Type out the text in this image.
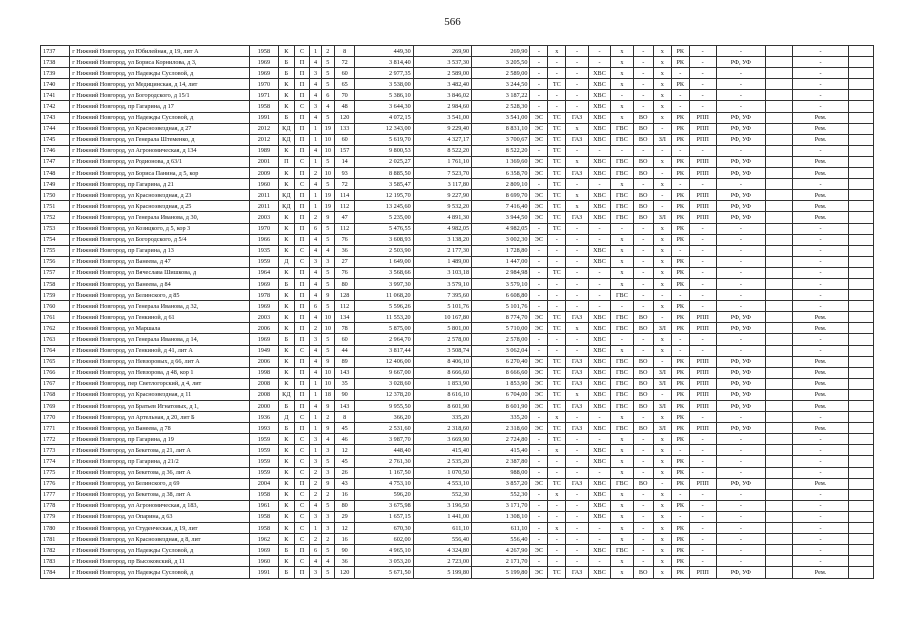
566
1737	г Нижний Новгород, ул Юбилейная, д 19, лит А	1958	К	С	1	2	8	449,30	269,90	269,90	-	х	-	-	х	-	х	РК	-	-		-	
1738	г Нижний Новгород, ул Бориса Корнилова, д 3,	1969	Б	П	4	5	72	3 814,40	3 537,30	3 205,50	-	-	-	-	х	-	х	РК	-	РФ, УФ		-	
1739	г Нижний Новгород, ул Надежды Сусловой, д	1969	Б	П	3	5	60	2 977,35	2 589,00	2 589,00	-	-	-	ХВС	х	-	х	-	-	-		-	
1740	г Нижний Новгород, ул Медицинская, д 14, лит	1970	К	П	4	5	65	3 538,00	3 482,40	3 244,50	-	ТС	-	ХВС	х	-	х	РК	-	-		-	
1741	г Нижний Новгород, ул Богородского, д 15/1	1971	К	П	4	6	70	5 386,10	3 846,02	3 187,22	-	-	-	ХВС	-	-	х	-	-	-		-	
1742	г Нижний Новгород, пр Гагарина, д 17	1958	К	С	3	4	48	3 644,30	2 984,60	2 528,30	-	-	-	ХВС	х	-	х	-	-	-		-	
1743	г Нижний Новгород, ул Надежды Сусловой, д	1991	Б	П	4	5	120	4 072,15	3 541,00	3 541,00	ЭС	ТС	ГАЗ	ХВС	х	ВО	х	РК	РПП	РФ, УФ		Рем.	
1744	г Нижний Новгород, ул Красноэвездная, д 27	2012	КД	П	1	19	133	12 343,00	9 229,40	8 831,10	ЭС	ТС	х	ХВС	ГВС	ВО	-	РК	РПП	РФ, УФ		Рем.	
1745	г Нижний Новгород, ул Генерала Штеменко, д	2012	КД	П	1	10	60	5 619,70	4 327,17	3 700,67	ЭС	ТС	ГАЗ	ХВС	ГВС	ВО	ЗЛ	РК	РПП	РФ, УФ		Рем.	
1746	г Нижний Новгород, ул Агрономическая, д 134	1989	К	П	4	10	157	9 800,53	8 522,20	8 522,20	-	ТС	-	-	-	-	-	-	-	-		-	
1747	г Нижний Новгород, ул Родионова, д 63/1	2001	П	С	1	5	14	2 025,27	1 761,10	1 369,60	ЭС	ТС	х	ХВС	ГВС	ВО	х	РК	РПП	РФ, УФ		Рем.	
1748	г Нижний Новгород, ул Бориса Панина, д 5, кор	2009	К	П	2	10	93	8 885,50	7 523,70	6 358,70	ЭС	ТС	ГАЗ	ХВС	ГВС	ВО	-	РК	РПП	РФ, УФ		Рем.	
1749	г Нижний Новгород, пр Гагарина, д 21	1960	К	С	4	5	72	3 585,47	3 117,80	2 809,10	-	ТС	-	-	х	-	х	-	-	-		-	
1750	г Нижний Новгород, ул Красноэвездная, д 23	2011	КД	П	1	19	114	12 195,70	9 227,90	8 699,70	ЭС	ТС	х	ХВС	ГВС	ВО	-	РК	РПП	РФ, УФ		Рем.	
1751	г Нижний Новгород, ул Красноэвездная, д 25	2011	КД	П	1	19	112	13 245,60	9 532,20	7 416,40	ЭС	ТС	х	ХВС	ГВС	ВО	-	РК	РПП	РФ, УФ		Рем.	
1752	г Нижний Новгород, ул Генерала Иванова, д 30,	2003	К	П	2	9	47	5 235,00	4 891,30	3 944,50	ЭС	ТС	ГАЗ	ХВС	ГВС	ВО	ЗЛ	РК	РПП	РФ, УФ		Рем.	
1753	г Нижний Новгород, ул Козицкого, д 5, кор 3	1970	К	П	6	5	112	5 476,55	4 982,05	4 982,05	-	ТС	-	-	-	-	х	РК	-	-		-	
1754	г Нижний Новгород, ул Богородского, д 5/4	1966	К	П	4	5	76	3 608,93	3 138,20	3 002,30	ЭС	-	-	-	х	-	х	РК	-	-		-	
1755	г Нижний Новгород, пр Гагарина, д 13	1935	К	С	4	4	36	2 503,90	2 177,30	1 728,80	-	-	-	ХВС	х	-	х	-	-	-		-	
1756	г Нижний Новгород, ул Ванеева, д 47	1959	Д	С	3	3	27	1 649,00	1 489,00	1 447,00	-	-	-	ХВС	х	-	х	РК	-	-		-	
1757	г Нижний Новгород, ул Вячеслава Шишкова, д	1964	К	П	4	5	76	3 568,66	3 103,18	2 984,98	-	ТС	-	-	х	-	х	РК	-	-		-	
1758	г Нижний Новгород, ул Ванеева, д 84	1969	Б	П	4	5	80	3 997,30	3 579,10	3 579,10	-	-	-	-	х	-	х	РК	-	-		-	
1759	г Нижний Новгород, ул Белинского, д 85	1978	К	П	4	9	128	11 068,20	7 395,60	6 608,80	-	-	-	-	ГВС	-	-	-	-	-		-	
1760	г Нижний Новгород, ул Генерала Иванова, д 32,	1969	К	П	6	5	112	5 596,26	5 101,76	5 101,76	-	-	-	-	-	-	х	РК	-	-		-	
1761	г Нижний Новгород, ул Генкиной, д 61	2003	К	П	4	10	134	11 553,20	10 167,80	8 774,70	ЭС	ТС	ГАЗ	ХВС	ГВС	ВО	-	РК	РПП	РФ, УФ		Рем.	
1762	г Нижний Новгород, ул Маршала	2006	К	П	2	10	78	5 875,00	5 801,00	5 710,00	ЭС	ТС	х	ХВС	ГВС	ВО	ЗЛ	РК	РПП	РФ, УФ		Рем.	
1763	г Нижний Новгород, ул Генерала Иванова, д 14,	1969	Б	П	3	5	60	2 964,70	2 578,00	2 578,00	-	-	-	ХВС	-	-	х	-	-	-		-	
1764	г Нижний Новгород, ул Генкиной, д 41, лит А	1949	К	С	4	5	44	3 817,44	3 508,74	3 062,04	-	-	-	ХВС	х	-	х	-	-	-		-	
1765	г Нижний Новгород, ул Невзоровых, д 66, лит А	2006	К	П	4	9	89	12 406,00	8 406,10	6 270,40	ЭС	ТС	ГАЗ	ХВС	ГВС	ВО	-	РК	РПП	РФ, УФ		Рем.	
1766	г Нижний Новгород, ул Невзорова, д 48, кор 1	1998	К	П	4	10	143	9 667,00	8 666,60	8 666,60	ЭС	ТС	ГАЗ	ХВС	ГВС	ВО	ЗЛ	РК	РПП	РФ, УФ		Рем.	
1767	г Нижний Новгород, пер Светлогорский, д 4, лит	2008	К	П	1	10	35	3 028,60	1 853,90	1 853,90	ЭС	ТС	ГАЗ	ХВС	ГВС	ВО	ЗЛ	РК	РПП	РФ, УФ		Рем.	
1768	г Нижний Новгород, ул Красноэвездная, д 11	2008	КД	П	1	18	90	12 378,20	8 616,10	6 704,00	ЭС	ТС	х	ХВС	ГВС	ВО	-	РК	РПП	РФ, УФ		Рем.	
1769	г Нижний Новгород, ул Братьев Игнатовых, д 1,	2000	Б	П	4	9	143	9 955,50	8 601,90	8 601,90	ЭС	ТС	ГАЗ	ХВС	ГВС	ВО	ЗЛ	РК	РПП	РФ, УФ		Рем.	
1770	г Нижний Новгород, ул Артельная, д 20, лит Б	1936	Д	С	1	2	8	366,20	335,20	335,20	-	х	-	-	х	-	х	РК	-	-		-	
1771	г Нижний Новгород, ул Ванеева, д 78	1993	Б	П	1	9	45	2 531,60	2 318,60	2 318,60	ЭС	ТС	ГАЗ	ХВС	ГВС	ВО	ЗЛ	РК	РПП	РФ, УФ		Рем.	
1772	г Нижний Новгород, пр Гагарина, д 19	1959	К	С	3	4	46	3 987,70	3 669,90	2 724,80	-	ТС	-	-	х	-	х	РК	-	-		-	
1773	г Нижний Новгород, ул Бекетова, д 21, лит А	1959	К	С	1	3	12	448,40	415,40	415,40	-	х	-	ХВС	х	-	х	-	-	-		-	
1774	г Нижний Новгород, пр Гагарина, д 21/2	1959	К	С	3	5	45	2 761,30	2 535,20	2 387,80	-	-	-	ХВС	х	-	х	РК	-	-		-	
1775	г Нижний Новгород, ул Бекетова, д 36, лит А	1959	К	С	2	3	26	1 167,50	1 070,50	988,00	-	-	-	-	х	-	х	РК	-	-		-	
1776	г Нижний Новгород, ул Белинского, д 69	2004	К	П	2	9	43	4 753,10	4 553,10	3 857,20	ЭС	ТС	ГАЗ	ХВС	ГВС	ВО	-	РК	РПП	РФ, УФ		Рем.	
1777	г Нижний Новгород, ул Бекетова, д 38, лит А	1958	К	С	2	2	16	596,20	552,30	552,30	-	х	-	ХВС	х	-	х	-	-	-		-	
1778	г Нижний Новгород, ул Агрономическая, д 183,	1961	К	С	4	5	80	3 675,98	3 196,50	3 171,70	-	-	-	ХВС	х	-	х	РК	-	-		-	
1779	г Нижний Новгород, ул Опарина, д 63	1958	К	С	3	3	29	1 657,15	1 441,00	1 308,10	-	-	-	ХВС	х	-	х	-	-	-		-	
1780	г Нижний Новгород, ул Студенческая, д 19, лит	1958	К	С	1	3	12	670,30	611,10	611,10	-	х	-	-	х	-	х	РК	-	-		-	
1781	г Нижний Новгород, ул Красноэвездная, д 8, лит	1962	К	С	2	2	16	602,00	556,40	556,40	-	-	-	-	х	-	х	РК	-	-		-	
1782	г Нижний Новгород, ул Надежды Сусловой, д	1969	Б	П	6	5	90	4 965,10	4 324,80	4 267,90	ЭС	-	-	ХВС	ГВС	-	х	РК	-	-		-	
1783	г Нижний Новгород, пр Высоковский, д 11	1960	К	С	4	4	36	3 053,20	2 723,00	2 171,70	-	-	-	-	х	-	х	РК	-	-		-	
1784	г Нижний Новгород, ул Надежды Сусловой, д	1991	Б	П	3	5	120	5 671,50	5 199,80	5 199,80	ЭС	ТС	ГАЗ	ХВС	х	ВО	х	РК	РПП	РФ, УФ		Рем.	
